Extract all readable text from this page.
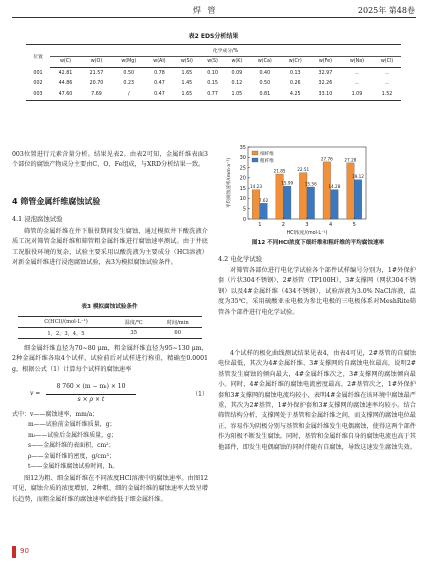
焊 管	2025年 第48卷
表2 EDS分析结果
位置	化学成分/%											
	w(C)	w(O)	w(Mg)	w(Al)	w(Si)	w(S)	w(K)	w(Ca)	w(Cr)	w(Fe)	w(Na)	w(Cl)
001	42.81	21.57	0.50	0.78	1.65	0.10	0.09	0.40	0.13	32.97	－	－
002	44.86	20.70	0.23	0.47	1.45	0.15	0.12	0.50	0.26	32.26	－	－
003	47.60	7.69	/	0.47	1.65	0.77	1.05	0.81	4.25	33.10	1.09	1.52
003位置进行元素含量分析。结果见表2。由表2可知，金属纤维表面3个部位的腐蚀产物成分主要由C、O、Fe组成，与XRD分析结果一致。
4 筛管金属纤维腐蚀试验
4.1 浸泡腐蚀试验
筛管的金属纤维在井下服役期间发生腐蚀，通过模拟井下酸洗液介质工况对筛管金属纤维和筛管粗金属纤维进行腐蚀速率测试。由于井底工况服役环境的复杂，试验主要采用以酸洗液为主要成分（HCl溶液）对新金属纤维进行浸泡腐蚀试验，表3为模拟腐蚀试验条件。
表3 模拟腐蚀试验条件
C(HCl)/(mol·L⁻¹)	温度/℃	时间/min
1，2，3，4，5	35	60
细金属纤维直径为70~80 μm，粗金属纤维直径为95~130 μm，2种金属纤维各取4个试样，试验前后对试样进行称重，精确至0.0001 g，根据公式（1）计算每个试样的腐蚀速率
v =
8 760 × (m − mₜ) × 10
s × ρ × t
（1）
式中：v——腐蚀速率，mm/a；
m——试验前金属纤维质量，g；
mₜ——试验后金属纤维质量，g；
s——金属纤维的表面积，cm²；
ρ——金属纤维的密度，g/cm³；
t——金属纤维腐蚀试验时间，h。
图12为粗、细金属纤维在不同浓度HCl溶液中的腐蚀速率。由图12可见，腐蚀介质的浓度增加，2种粗、细的金属纤维的腐蚀速率大致呈增长趋势，而粗金属纤维的腐蚀速率始终低于细金属纤维。
0
5
10
15
20
25
30
35
平均腐蚀速率/(mm·a⁻¹)	14.23
7.62
1
21.85
15.99
2
22.51
15.56
3
27.76
14.28
4
27.28
19.12
5
HCl浓度/(mol·L⁻¹)
细纤维
粗纤维
图12 不同HCl浓度下细纤维和粗纤维的平均腐蚀速率
4.2 电化学试验
对筛管各部位进行电化学试验各个部件试样编号分别为，1#外保护套（片状304不锈钢），2#基管（TP100H），3#支撑网（网状304不锈钢）以及4#金属纤维（434不锈钢），试验溶液为3.0% NaCl溶液，温度为35℃，采用硫酸亚汞电极为参比电极的三电极体系对MeshRite筛管各个部件进行电化学试验。
4个试样的极化曲线测试结果见表4，由表4可见，2#基管的自腐蚀电位最低，其次为4#金属纤维、3#支撑网的自腐蚀电位最高，说明2#基管发生腐蚀的倾向最大，4#金属纤维次之，3#支撑网的腐蚀倾向最小。同时，4#金属纤维的腐蚀电流密度最高，2#基管次之，1#外保护套和3#支撑网的腐蚀电流均较小，表明4#金属纤维在该环境中腐蚀最严重，其次为2#基管，1#外保护套和3#支撑网的腐蚀速率均较小。结合筛管结构分析，支撑网处于基管和金属纤维之间，而支撑网的腐蚀电位最正，容易作为阴极分别与基管和金属纤维发生电偶腐蚀，使得这两个部件作为阳极不断发生腐蚀。同时，基管和金属纤维自身的腐蚀电流也高于其他部件，即发生电偶腐蚀的同时伴随有自腐蚀，导致这速发生腐蚀失效。
90
